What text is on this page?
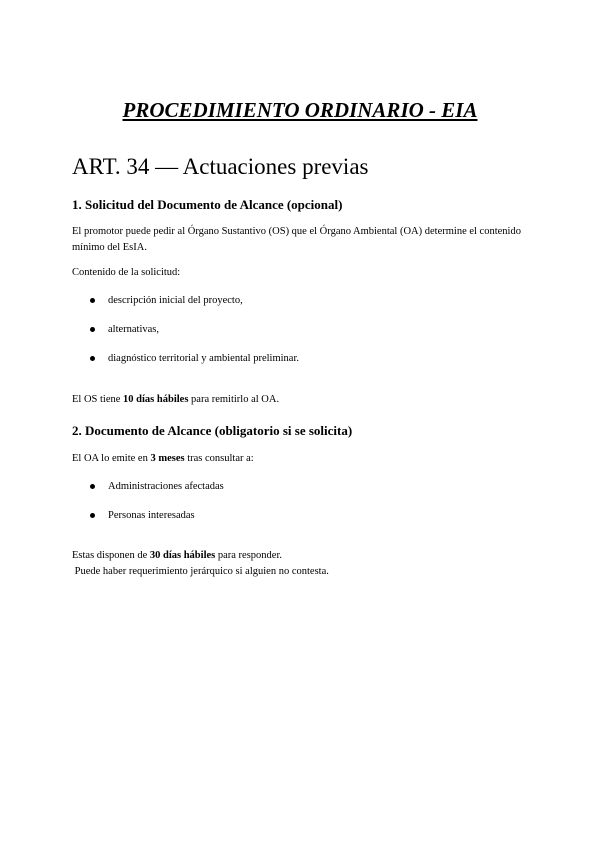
PROCEDIMIENTO ORDINARIO - EIA
ART. 34 — Actuaciones previas
1. Solicitud del Documento de Alcance (opcional)

El promotor puede pedir al Órgano Sustantivo (OS) que el Órgano Ambiental (OA) determine el contenido mínimo del EsIA.

Contenido de la solicitud:

descripción inicial del proyecto,
alternativas,
diagnóstico territorial y ambiental preliminar.

El OS tiene 10 días hábiles para remitirlo al OA.

2. Documento de Alcance (obligatorio si se solicita)

El OA lo emite en 3 meses tras consultar a:

Administraciones afectadas
Personas interesadas

Estas disponen de 30 días hábiles para responder.

Puede haber requerimiento jerárquico si alguien no contesta.
